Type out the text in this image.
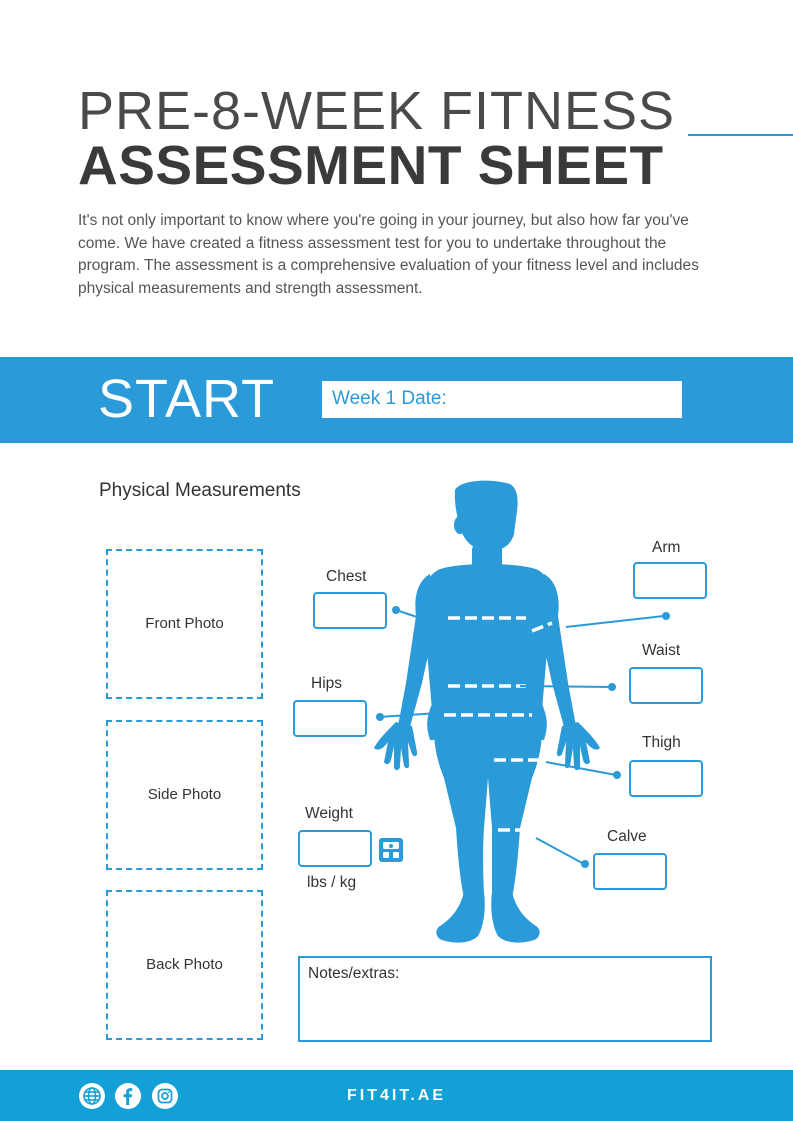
PRE-8-WEEK FITNESS
ASSESSMENT SHEET
It's not only important to know where you're going in your journey, but also how far you've come. We have created a fitness assessment test for you to undertake throughout the program. The assessment is a comprehensive evaluation of your fitness level and includes physical measurements and strength assessment.
START	Week 1 Date:
Physical Measurements
Front Photo
Side Photo
Back Photo
Chest
Hips
Weight
lbs / kg
Arm
Waist
Thigh
Calve
Notes/extras:
FIT4IT.AE
